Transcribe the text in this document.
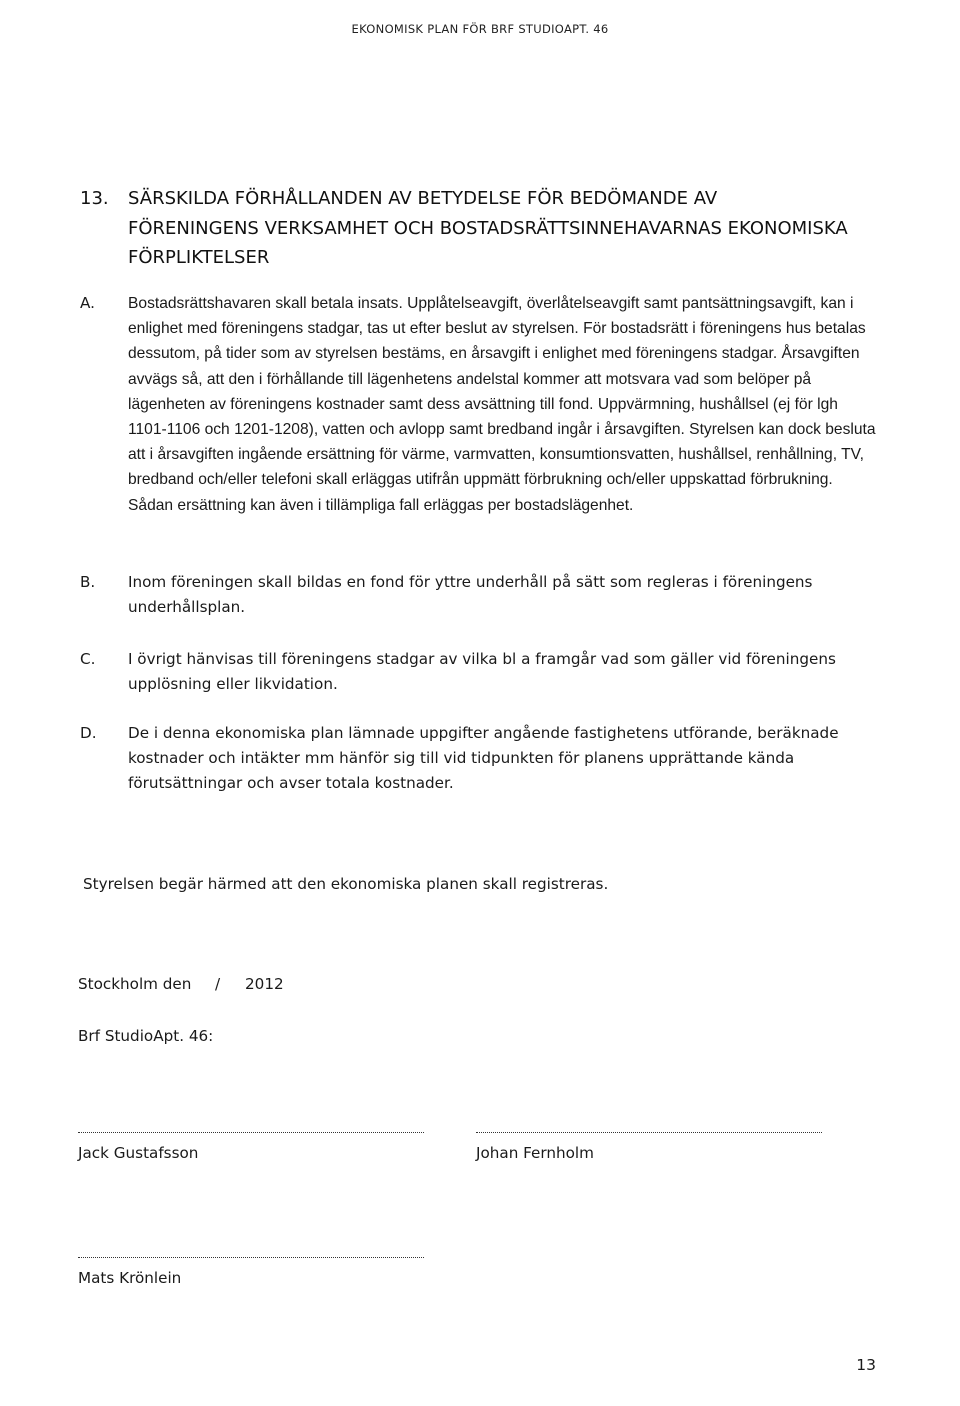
EKONOMISK PLAN FÖR BRF STUDIOAPT. 46
13.	SÄRSKILDA FÖRHÅLLANDEN AV BETYDELSE FÖR BEDÖMANDE AV FÖRENINGENS VERKSAMHET OCH BOSTADSRÄTTSINNEHAVARNAS EKONOMISKA FÖRPLIKTELSER
A.	Bostadsrättshavaren skall betala insats. Upplåtelseavgift, överlåtelseavgift samt pantsättningsavgift, kan i enlighet med föreningens stadgar, tas ut efter beslut av styrelsen. För bostadsrätt i föreningens hus betalas dessutom, på tider som av styrelsen bestäms, en årsavgift i enlighet med föreningens stadgar. Årsavgiften avvägs så, att den i förhållande till lägenhetens andelstal kommer att motsvara vad som belöper på lägenheten av föreningens kostnader samt dess avsättning till fond. Uppvärmning, hushållsel (ej för lgh 1101-1106 och 1201-1208), vatten och avlopp samt bredband ingår i årsavgiften. Styrelsen kan dock besluta att i årsavgiften ingående ersättning för värme, varmvatten, konsumtionsvatten, hushållsel, renhållning, TV, bredband och/eller telefoni skall erläggas utifrån uppmätt förbrukning och/eller uppskattad förbrukning. Sådan ersättning kan även i tillämpliga fall erläggas per bostadslägenhet.
B.	Inom föreningen skall bildas en fond för yttre underhåll på sätt som regleras i föreningens underhållsplan.
C.	I övrigt hänvisas till föreningens stadgar av vilka bl a framgår vad som gäller vid föreningens upplösning eller likvidation.
D.	De i denna ekonomiska plan lämnade uppgifter angående fastighetens utförande, beräknade kostnader och intäkter mm hänför sig till vid tidpunkten för planens upprättande kända förutsättningar och avser totala kostnader.
Styrelsen begär härmed att den ekonomiska planen skall registreras.
Stockholm den	/	2012
Brf StudioApt. 46:
Jack Gustafsson	Johan Fernholm
Mats Krönlein
13
